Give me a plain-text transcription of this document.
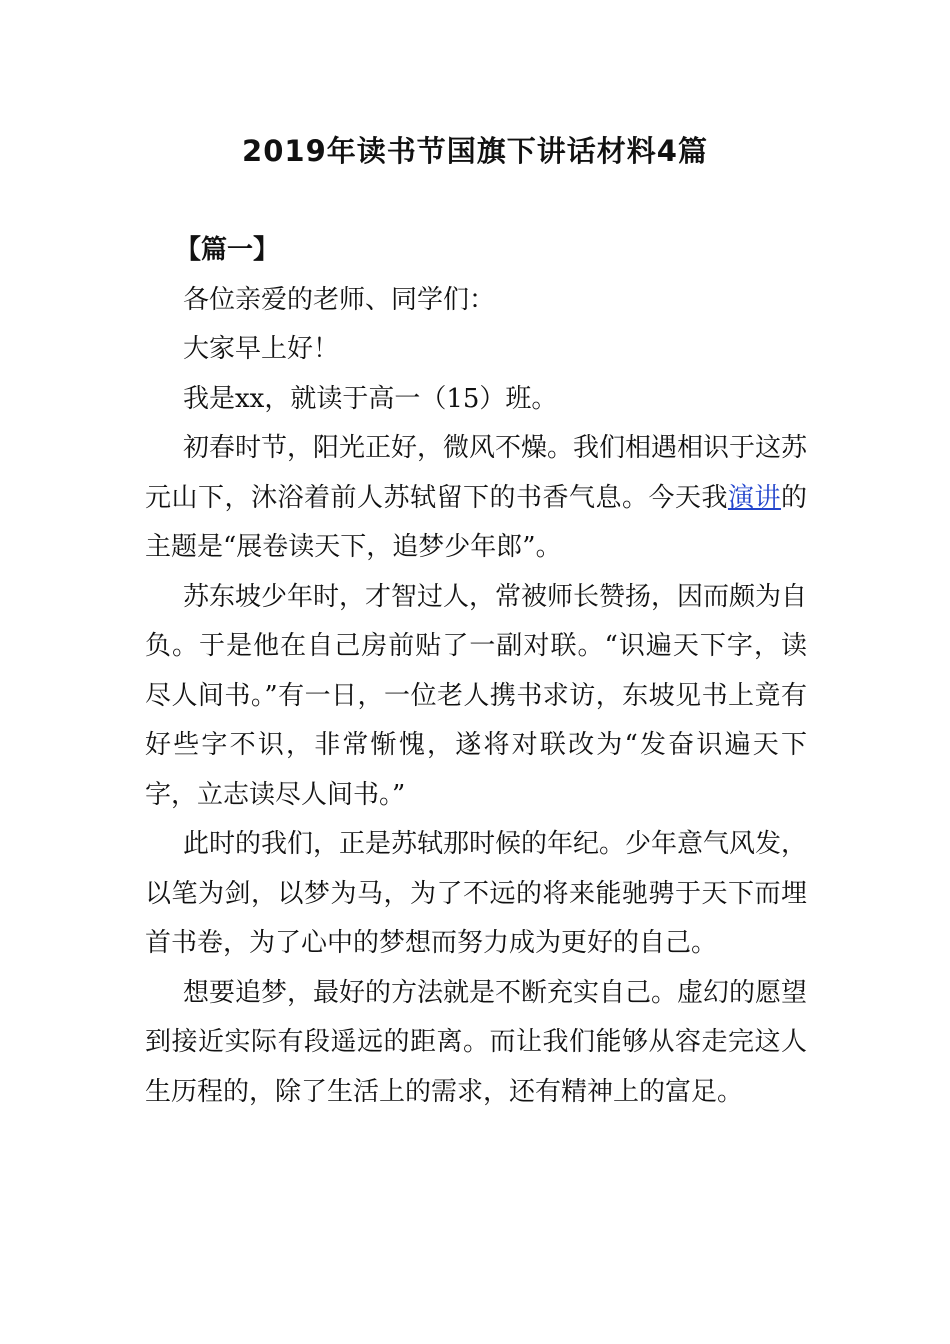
2019年读书节国旗下讲话材料4篇

【篇一】

各位亲爱的老师、同学们：

大家早上好！

我是xx，就读于高一（15）班。

初春时节，阳光正好，微风不燥。我们相遇相识于这苏元山下，沐浴着前人苏轼留下的书香气息。今天我演讲的主题是“展卷读天下，追梦少年郎”。

苏东坡少年时，才智过人，常被师长赞扬，因而颇为自负。于是他在自己房前贴了一副对联。“识遍天下字，读尽人间书。”有一日，一位老人携书求访，东坡见书上竟有好些字不识，非常惭愧，遂将对联改为“发奋识遍天下字，立志读尽人间书。”

此时的我们，正是苏轼那时候的年纪。少年意气风发，以笔为剑，以梦为马，为了不远的将来能驰骋于天下而埋首书卷，为了心中的梦想而努力成为更好的自己。

想要追梦，最好的方法就是不断充实自己。虚幻的愿望到接近实际有段遥远的距离。而让我们能够从容走完这人生历程的，除了生活上的需求，还有精神上的富足。
